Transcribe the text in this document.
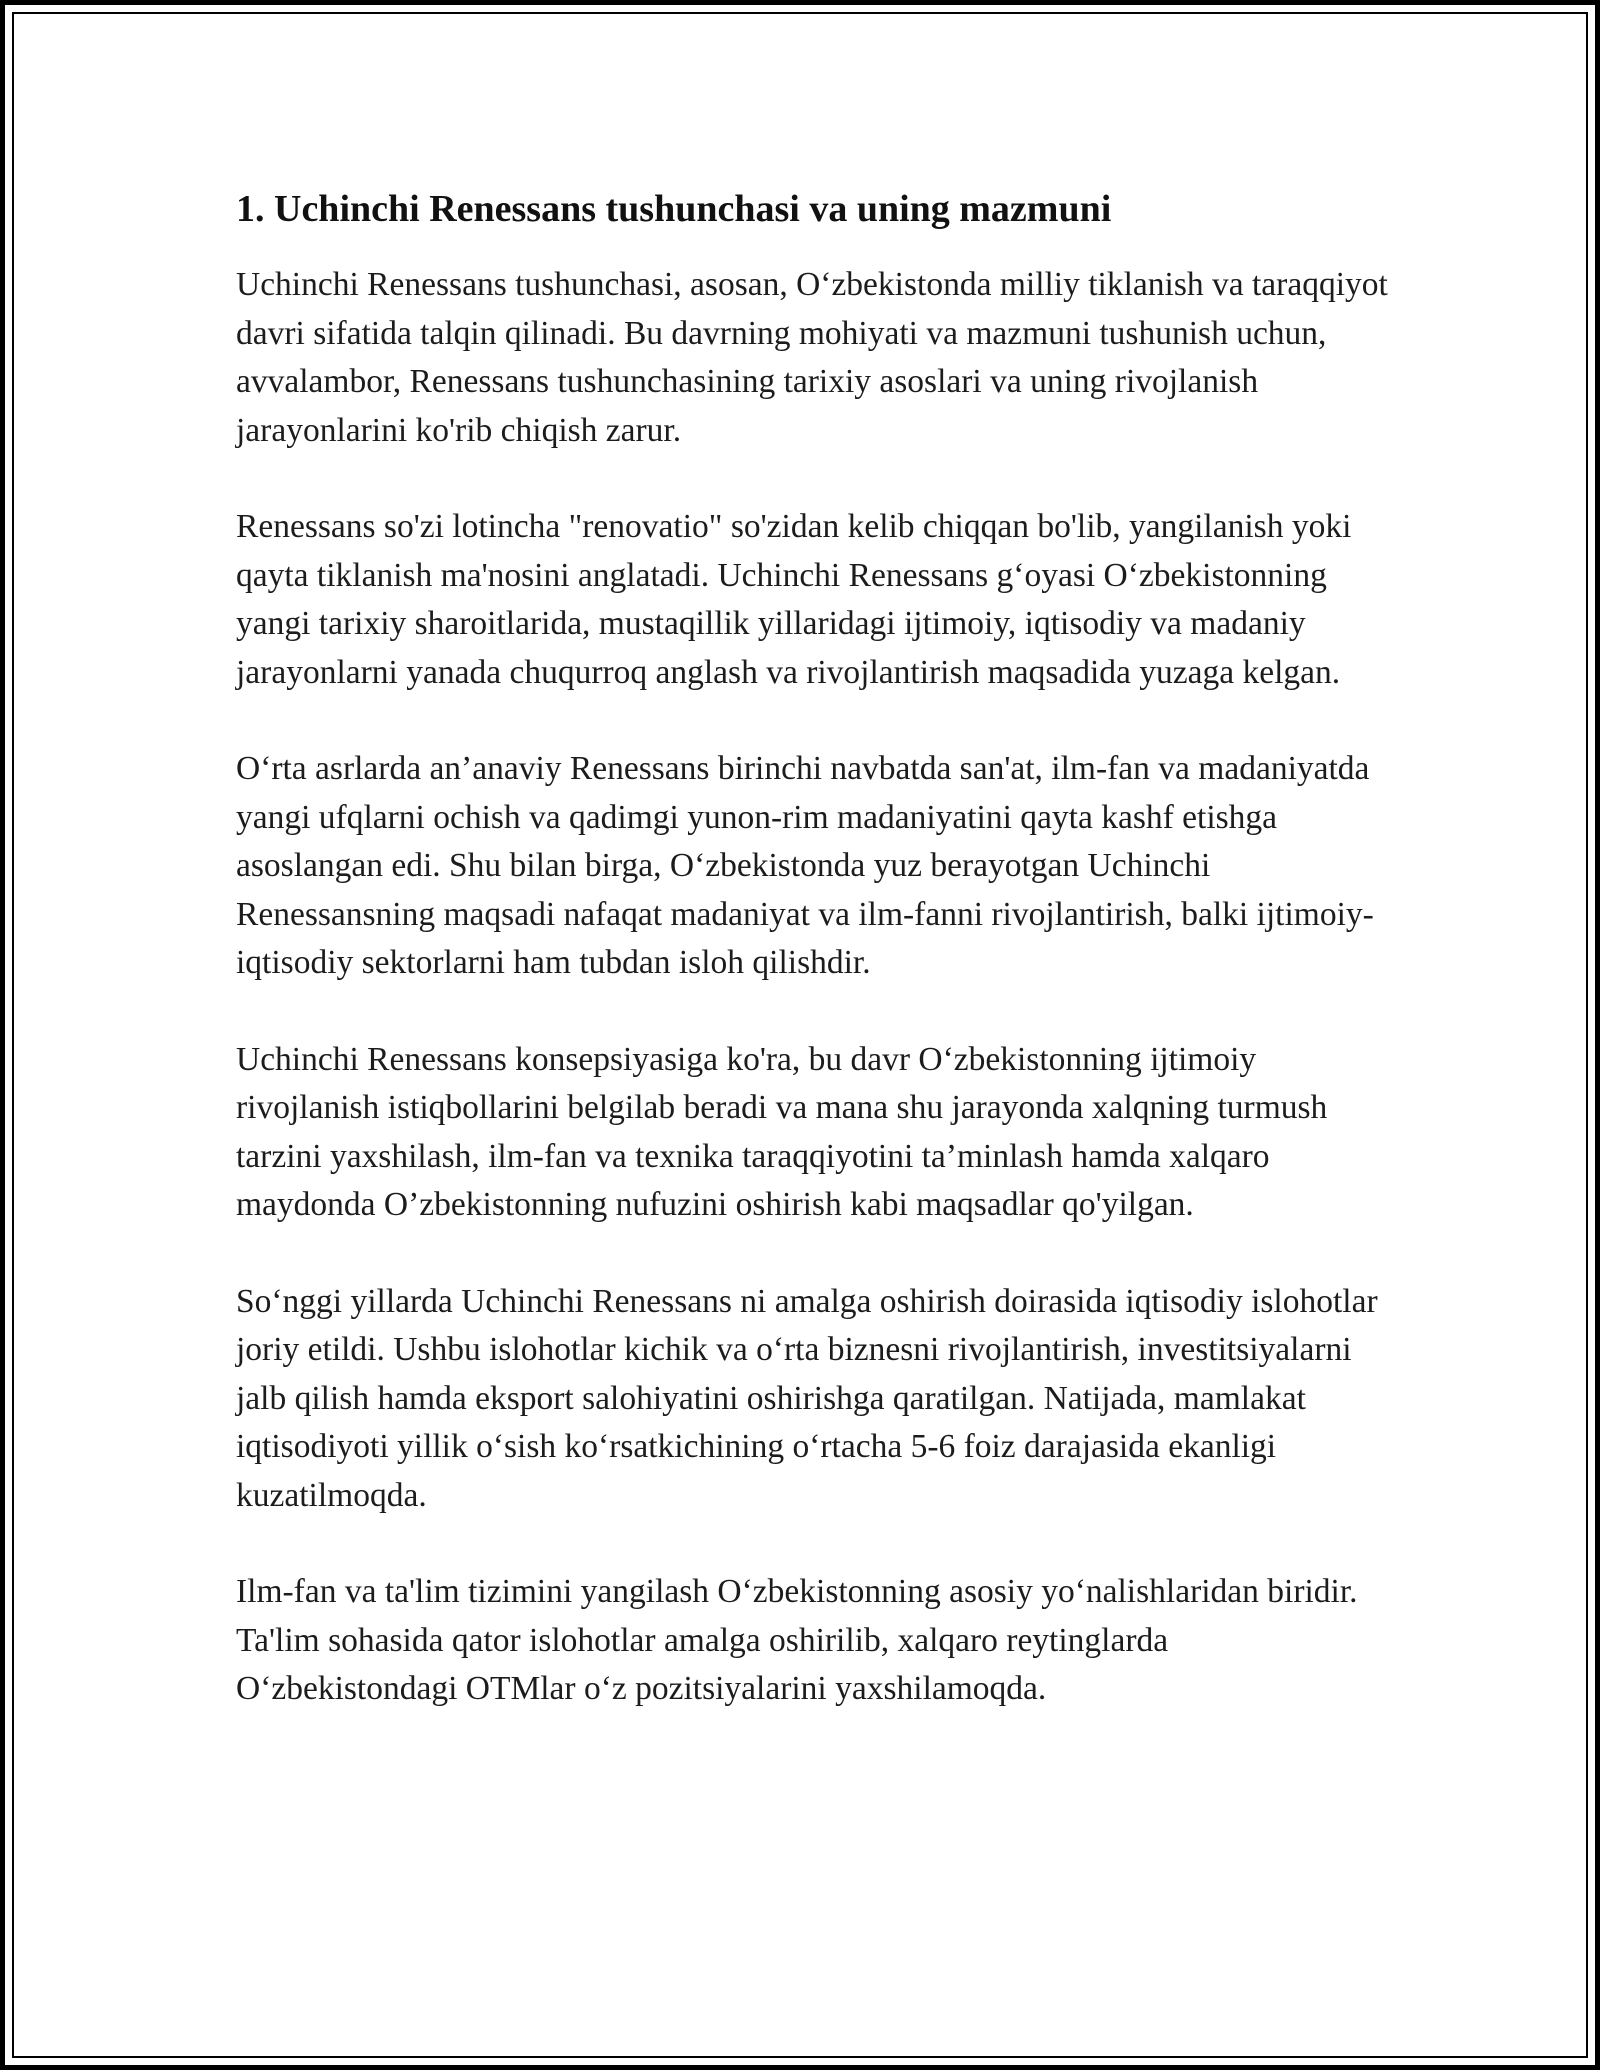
1. Uchinchi Renessans tushunchasi va uning mazmuni

Uchinchi Renessans tushunchasi, asosan, O‘zbekistonda milliy tiklanish va taraqqiyot davri sifatida talqin qilinadi. Bu davrning mohiyati va mazmuni tushunish uchun, avvalambor, Renessans tushunchasining tarixiy asoslari va uning rivojlanish jarayonlarini ko'rib chiqish zarur.

Renessans so'zi lotincha "renovatio" so'zidan kelib chiqqan bo'lib, yangilanish yoki qayta tiklanish ma'nosini anglatadi. Uchinchi Renessans g‘oyasi O‘zbekistonning yangi tarixiy sharoitlarida, mustaqillik yillaridagi ijtimoiy, iqtisodiy va madaniy jarayonlarni yanada chuqurroq anglash va rivojlantirish maqsadida yuzaga kelgan.

O‘rta asrlarda an’anaviy Renessans birinchi navbatda san'at, ilm-fan va madaniyatda yangi ufqlarni ochish va qadimgi yunon-rim madaniyatini qayta kashf etishga asoslangan edi. Shu bilan birga, O‘zbekistonda yuz berayotgan Uchinchi Renessansning maqsadi nafaqat madaniyat va ilm-fanni rivojlantirish, balki ijtimoiy-iqtisodiy sektorlarni ham tubdan isloh qilishdir.

Uchinchi Renessans konsepsiyasiga ko'ra, bu davr O‘zbekistonning ijtimoiy rivojlanish istiqbollarini belgilab beradi va mana shu jarayonda xalqning turmush tarzini yaxshilash, ilm-fan va texnika taraqqiyotini ta’minlash hamda xalqaro maydonda O’zbekistonning nufuzini oshirish kabi maqsadlar qo'yilgan.

So‘nggi yillarda Uchinchi Renessans ni amalga oshirish doirasida iqtisodiy islohotlar joriy etildi. Ushbu islohotlar kichik va o‘rta biznesni rivojlantirish, investitsiyalarni jalb qilish hamda eksport salohiyatini oshirishga qaratilgan. Natijada, mamlakat iqtisodiyoti yillik o‘sish ko‘rsatkichining o‘rtacha 5-6 foiz darajasida ekanligi kuzatilmoqda.

Ilm-fan va ta'lim tizimini yangilash O‘zbekistonning asosiy yo‘nalishlaridan biridir. Ta'lim sohasida qator islohotlar amalga oshirilib, xalqaro reytinglarda O‘zbekistondagi OTMlar o‘z pozitsiyalarini yaxshilamoqda.
